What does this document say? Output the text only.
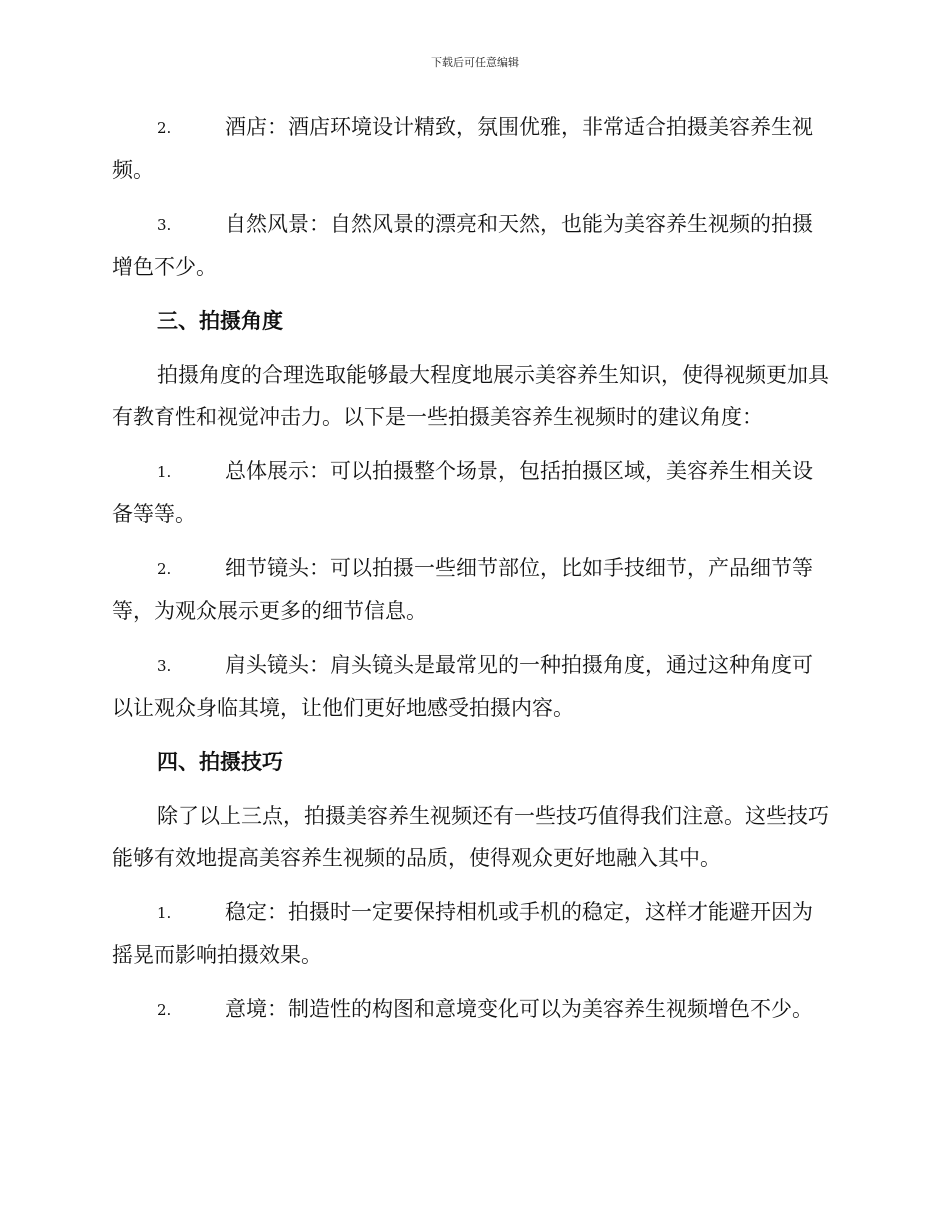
下载后可任意编辑

2.	酒店：酒店环境设计精致，氛围优雅，非常适合拍摄美容养生视频。

3.	自然风景：自然风景的漂亮和天然，也能为美容养生视频的拍摄增色不少。

三、拍摄角度

拍摄角度的合理选取能够最大程度地展示美容养生知识，使得视频更加具有教育性和视觉冲击力。以下是一些拍摄美容养生视频时的建议角度：

1.	总体展示：可以拍摄整个场景，包括拍摄区域，美容养生相关设备等等。

2.	细节镜头：可以拍摄一些细节部位，比如手技细节，产品细节等等，为观众展示更多的细节信息。

3.	肩头镜头：肩头镜头是最常见的一种拍摄角度，通过这种角度可以让观众身临其境，让他们更好地感受拍摄内容。

四、拍摄技巧

除了以上三点，拍摄美容养生视频还有一些技巧值得我们注意。这些技巧能够有效地提高美容养生视频的品质，使得观众更好地融入其中。

1.	稳定：拍摄时一定要保持相机或手机的稳定，这样才能避开因为摇晃而影响拍摄效果。

2.	意境：制造性的构图和意境变化可以为美容养生视频增色不少。
